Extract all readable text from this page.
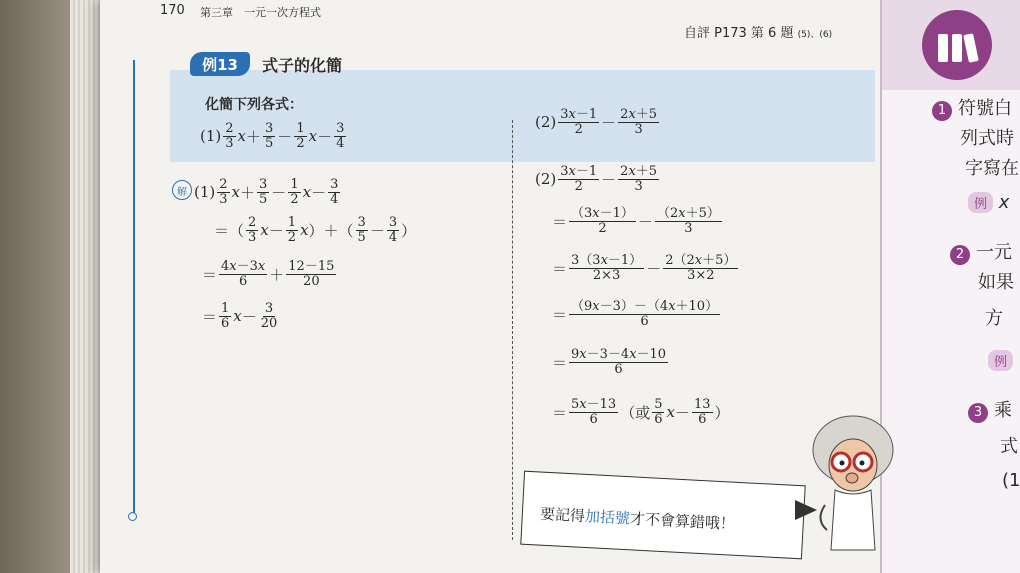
170 第三章　一元一次方程式
自評 P173 第 6 題 (5)、(6)
例13	式子的化簡
化簡下列各式：
(1) 2
3 x ＋ 3
5 － 1
2 x － 3
4
(2) 3x－1
2 － 2x＋5
3
解 (1) 2
3 x ＋ 3
5 － 1
2 x － 3
4
＝（ 2
3 x － 1
2 x ）＋（ 3
5 － 3
4 ）
＝ 4x－3x
6 ＋ 12－15
20
＝ 1
6 x － 3
20
(2) 3x－1
2 － 2x＋5
3
＝ （3x－1）
2 － （2x＋5）
3
＝ 3（3x－1）
2×3 － 2（2x＋5）
3×2
＝ （9x－3）－（4x＋10）
6
＝ 9x－3－4x－10
6
＝ 5x－13
6 （或 5
6 x － 13
6 ）
要記得加括號才不會算錯哦！
1 符號白
列式時
字寫在
例 x
2 一元
如果
方
例
3 乘
式
(1
